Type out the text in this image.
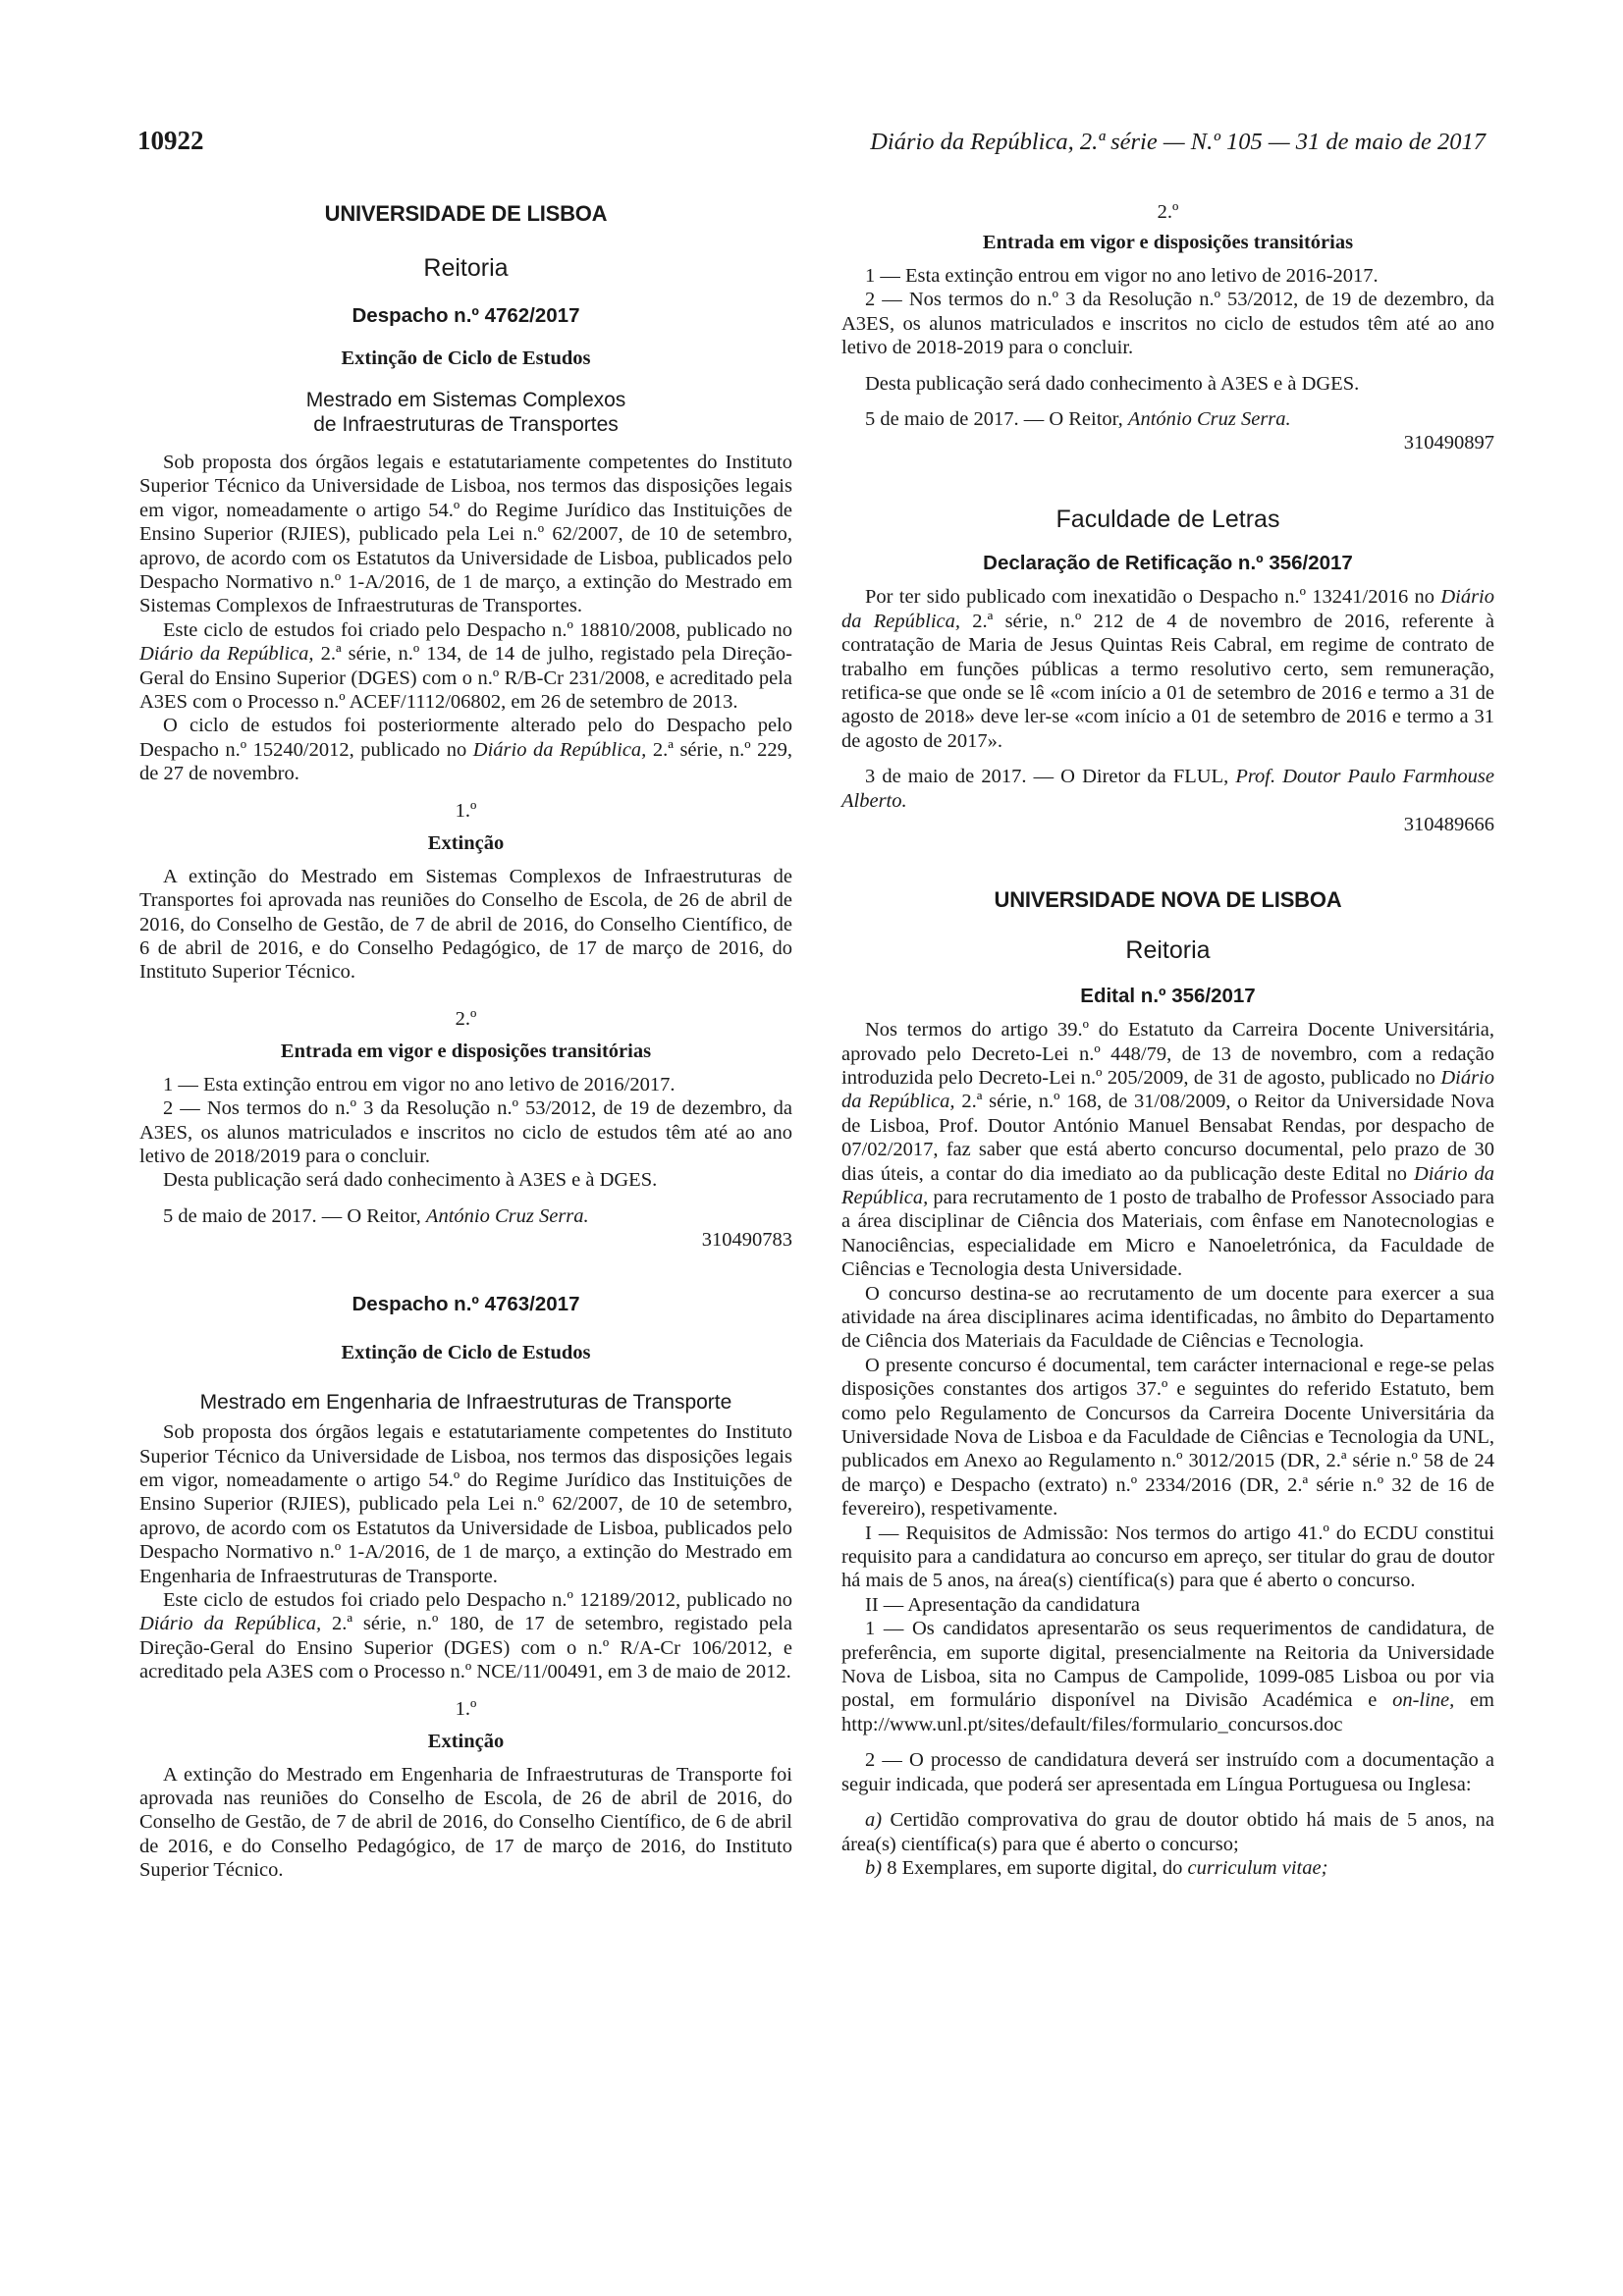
10922	Diário da República, 2.ª série — N.º 105 — 31 de maio de 2017
UNIVERSIDADE DE LISBOA
Reitoria
Despacho n.º 4762/2017
Extinção de Ciclo de Estudos
Mestrado em Sistemas Complexos
de Infraestruturas de Transportes

Sob proposta dos órgãos legais e estatutariamente competentes do Instituto Superior Técnico da Universidade de Lisboa, nos termos das disposições legais em vigor, nomeadamente o artigo 54.º do Regime Jurídico das Instituições de Ensino Superior (RJIES), publicado pela Lei n.º 62/2007, de 10 de setembro, aprovo, de acordo com os Estatutos da Universidade de Lisboa, publicados pelo Despacho Normativo n.º 1-A/2016, de 1 de março, a extinção do Mestrado em Sistemas Complexos de Infraestruturas de Transportes.

Este ciclo de estudos foi criado pelo Despacho n.º 18810/2008, publicado no Diário da República, 2.ª série, n.º 134, de 14 de julho, registado pela Direção-Geral do Ensino Superior (DGES) com o n.º R/B-Cr 231/2008, e acreditado pela A3ES com o Processo n.º ACEF/1112/06802, em 26 de setembro de 2013.

O ciclo de estudos foi posteriormente alterado pelo do Despacho pelo Despacho n.º 15240/2012, publicado no Diário da República, 2.ª série, n.º 229, de 27 de novembro.

1.º
Extinção

A extinção do Mestrado em Sistemas Complexos de Infraestruturas de Transportes foi aprovada nas reuniões do Conselho de Escola, de 26 de abril de 2016, do Conselho de Gestão, de 7 de abril de 2016, do Conselho Científico, de 6 de abril de 2016, e do Conselho Pedagógico, de 17 de março de 2016, do Instituto Superior Técnico.

2.º
Entrada em vigor e disposições transitórias

1 — Esta extinção entrou em vigor no ano letivo de 2016/2017.

2 — Nos termos do n.º 3 da Resolução n.º 53/2012, de 19 de dezembro, da A3ES, os alunos matriculados e inscritos no ciclo de estudos têm até ao ano letivo de 2018/2019 para o concluir.

Desta publicação será dado conhecimento à A3ES e à DGES.

5 de maio de 2017. — O Reitor, António Cruz Serra.

310490783
Despacho n.º 4763/2017
Extinção de Ciclo de Estudos
Mestrado em Engenharia de Infraestruturas de Transporte

Sob proposta dos órgãos legais e estatutariamente competentes do Instituto Superior Técnico da Universidade de Lisboa, nos termos das disposições legais em vigor, nomeadamente o artigo 54.º do Regime Jurídico das Instituições de Ensino Superior (RJIES), publicado pela Lei n.º 62/2007, de 10 de setembro, aprovo, de acordo com os Estatutos da Universidade de Lisboa, publicados pelo Despacho Normativo n.º 1-A/2016, de 1 de março, a extinção do Mestrado em Engenharia de Infraestruturas de Transporte.

Este ciclo de estudos foi criado pelo Despacho n.º 12189/2012, publicado no Diário da República, 2.ª série, n.º 180, de 17 de setembro, registado pela Direção-Geral do Ensino Superior (DGES) com o n.º R/A-Cr 106/2012, e acreditado pela A3ES com o Processo n.º NCE/11/00491, em 3 de maio de 2012.

1.º
Extinção

A extinção do Mestrado em Engenharia de Infraestruturas de Transporte foi aprovada nas reuniões do Conselho de Escola, de 26 de abril de 2016, do Conselho de Gestão, de 7 de abril de 2016, do Conselho Científico, de 6 de abril de 2016, e do Conselho Pedagógico, de 17 de março de 2016, do Instituto Superior Técnico.

2.º
Entrada em vigor e disposições transitórias

1 — Esta extinção entrou em vigor no ano letivo de 2016-2017.

2 — Nos termos do n.º 3 da Resolução n.º 53/2012, de 19 de dezembro, da A3ES, os alunos matriculados e inscritos no ciclo de estudos têm até ao ano letivo de 2018-2019 para o concluir.

Desta publicação será dado conhecimento à A3ES e à DGES.

5 de maio de 2017. — O Reitor, António Cruz Serra.

310490897
Faculdade de Letras
Declaração de Retificação n.º 356/2017

Por ter sido publicado com inexatidão o Despacho n.º 13241/2016 no Diário da República, 2.ª série, n.º 212 de 4 de novembro de 2016, referente à contratação de Maria de Jesus Quintas Reis Cabral, em regime de contrato de trabalho em funções públicas a termo resolutivo certo, sem remuneração, retifica-se que onde se lê «com início a 01 de setembro de 2016 e termo a 31 de agosto de 2018» deve ler-se «com início a 01 de setembro de 2016 e termo a 31 de agosto de 2017».

3 de maio de 2017. — O Diretor da FLUL, Prof. Doutor Paulo Farmhouse Alberto.

310489666
UNIVERSIDADE NOVA DE LISBOA
Reitoria
Edital n.º 356/2017

Nos termos do artigo 39.º do Estatuto da Carreira Docente Universitária, aprovado pelo Decreto-Lei n.º 448/79, de 13 de novembro, com a redação introduzida pelo Decreto-Lei n.º 205/2009, de 31 de agosto, publicado no Diário da República, 2.ª série, n.º 168, de 31/08/2009, o Reitor da Universidade Nova de Lisboa, Prof. Doutor António Manuel Bensabat Rendas, por despacho de 07/02/2017, faz saber que está aberto concurso documental, pelo prazo de 30 dias úteis, a contar do dia imediato ao da publicação deste Edital no Diário da República, para recrutamento de 1 posto de trabalho de Professor Associado para a área disciplinar de Ciência dos Materiais, com ênfase em Nanotecnologias e Nanociências, especialidade em Micro e Nanoeletrónica, da Faculdade de Ciências e Tecnologia desta Universidade.

O concurso destina-se ao recrutamento de um docente para exercer a sua atividade na área disciplinares acima identificadas, no âmbito do Departamento de Ciência dos Materiais da Faculdade de Ciências e Tecnologia.

O presente concurso é documental, tem carácter internacional e rege-se pelas disposições constantes dos artigos 37.º e seguintes do referido Estatuto, bem como pelo Regulamento de Concursos da Carreira Docente Universitária da Universidade Nova de Lisboa e da Faculdade de Ciências e Tecnologia da UNL, publicados em Anexo ao Regulamento n.º 3012/2015 (DR, 2.ª série n.º 58 de 24 de março) e Despacho (extrato) n.º 2334/2016 (DR, 2.ª série n.º 32 de 16 de fevereiro), respetivamente.

I — Requisitos de Admissão: Nos termos do artigo 41.º do ECDU constitui requisito para a candidatura ao concurso em apreço, ser titular do grau de doutor há mais de 5 anos, na área(s) científica(s) para que é aberto o concurso.

II — Apresentação da candidatura

1 — Os candidatos apresentarão os seus requerimentos de candidatura, de preferência, em suporte digital, presencialmente na Reitoria da Universidade Nova de Lisboa, sita no Campus de Campolide, 1099-085 Lisboa ou por via postal, em formulário disponível na Divisão Académica e on-line, em http://www.unl.pt/sites/default/files/formulario_concursos.doc

2 — O processo de candidatura deverá ser instruído com a documentação a seguir indicada, que poderá ser apresentada em Língua Portuguesa ou Inglesa:

a) Certidão comprovativa do grau de doutor obtido há mais de 5 anos, na área(s) científica(s) para que é aberto o concurso;

b) 8 Exemplares, em suporte digital, do curriculum vitae;
